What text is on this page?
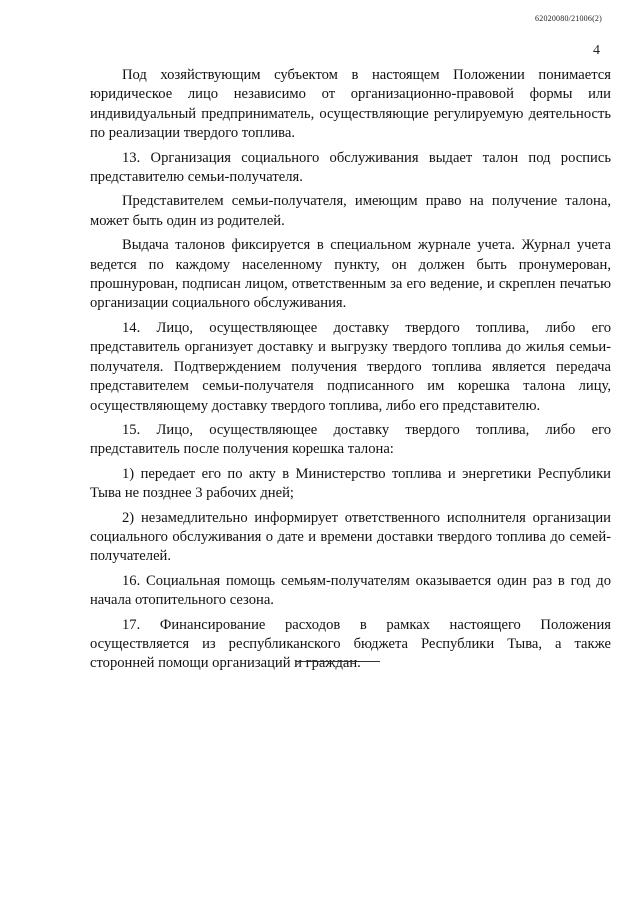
62020080/21006(2)
4

Под хозяйствующим субъектом в настоящем Положении понимается юридическое лицо независимо от организационно-правовой формы или индивидуальный предприниматель, осуществляющие регулируемую деятельность по реализации твердого топлива.

13. Организация социального обслуживания выдает талон под роспись представителю семьи-получателя.

Представителем семьи-получателя, имеющим право на получение талона, может быть один из родителей.

Выдача талонов фиксируется в специальном журнале учета. Журнал учета ведется по каждому населенному пункту, он должен быть пронумерован, прошнурован, подписан лицом, ответственным за его ведение, и скреплен печатью организации социального обслуживания.

14. Лицо, осуществляющее доставку твердого топлива, либо его представитель организует доставку и выгрузку твердого топлива до жилья семьи-получателя. Подтверждением получения твердого топлива является передача представителем семьи-получателя подписанного им корешка талона лицу, осуществляющему доставку твердого топлива, либо его представителю.

15. Лицо, осуществляющее доставку твердого топлива, либо его представитель после получения корешка талона:

1) передает его по акту в Министерство топлива и энергетики Республики Тыва не позднее 3 рабочих дней;

2) незамедлительно информирует ответственного исполнителя организации социального обслуживания о дате и времени доставки твердого топлива до семей-получателей.

16. Социальная помощь семьям-получателям оказывается один раз в год до начала отопительного сезона.

17. Финансирование расходов в рамках настоящего Положения осуществляется из республиканского бюджета Республики Тыва, а также сторонней помощи организаций и граждан.
